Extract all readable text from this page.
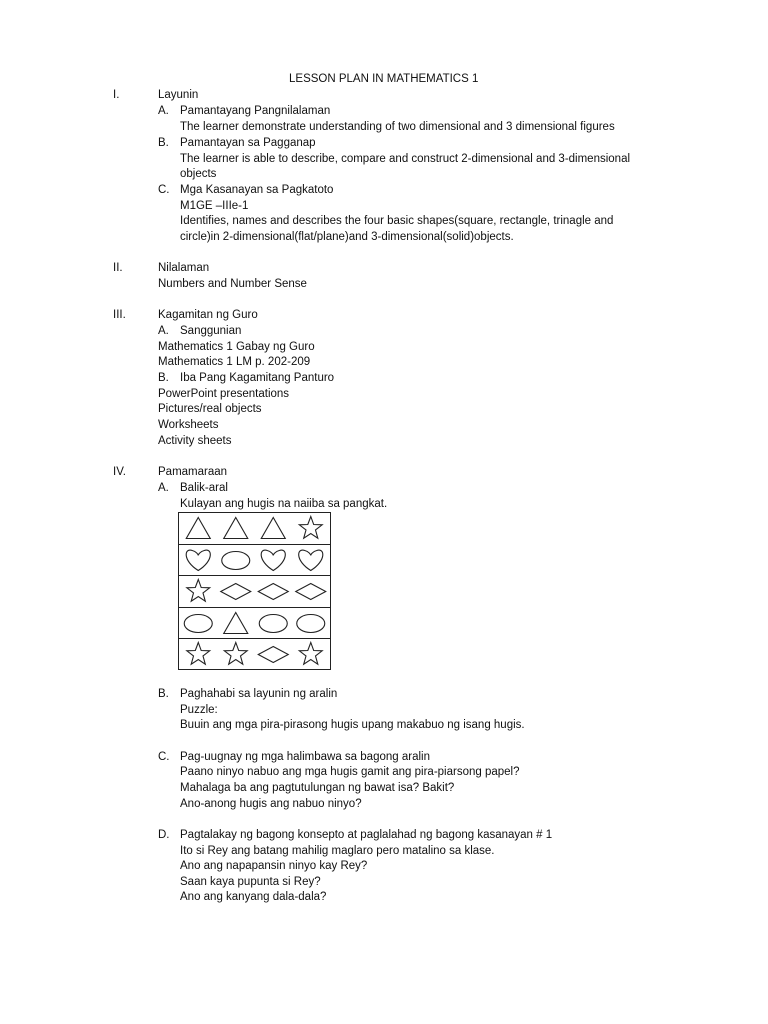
LESSON PLAN IN MATHEMATICS 1
I.	Layunin
A. Pamantayang Pangnilalaman
The learner demonstrate understanding of two dimensional and 3 dimensional figures
B. Pamantayan sa Pagganap
The learner is able to describe, compare and construct 2-dimensional and 3-dimensional
objects
C. Mga Kasanayan sa Pagkatoto
M1GE –IIIe-1
Identifies, names and describes the four basic shapes(square, rectangle, trinagle and
circle)in 2-dimensional(flat/plane)and 3-dimensional(solid)objects.
II.	Nilalaman
Numbers and Number Sense
III.	Kagamitan ng Guro
A. Sanggunian
Mathematics 1 Gabay ng Guro
Mathematics 1 LM p. 202-209
B. Iba Pang Kagamitang Panturo
PowerPoint presentations
Pictures/real objects
Worksheets
Activity sheets
IV.	Pamamaraan
A. Balik-aral
Kulayan ang hugis na naiiba sa pangkat.
B. Paghahabi sa layunin ng aralin
Puzzle:
Buuin ang mga pira-pirasong hugis upang makabuo ng isang hugis.
C. Pag-uugnay ng mga halimbawa sa bagong aralin
Paano ninyo nabuo ang mga hugis gamit ang pira-piarsong papel?
Mahalaga ba ang pagtutulungan ng bawat isa? Bakit?
Ano-anong hugis ang nabuo ninyo?
D. Pagtalakay ng bagong konsepto at paglalahad ng bagong kasanayan # 1
Ito si Rey ang batang mahilig maglaro pero matalino sa klase.
Ano ang napapansin ninyo kay Rey?
Saan kaya pupunta si Rey?
Ano ang kanyang dala-dala?
